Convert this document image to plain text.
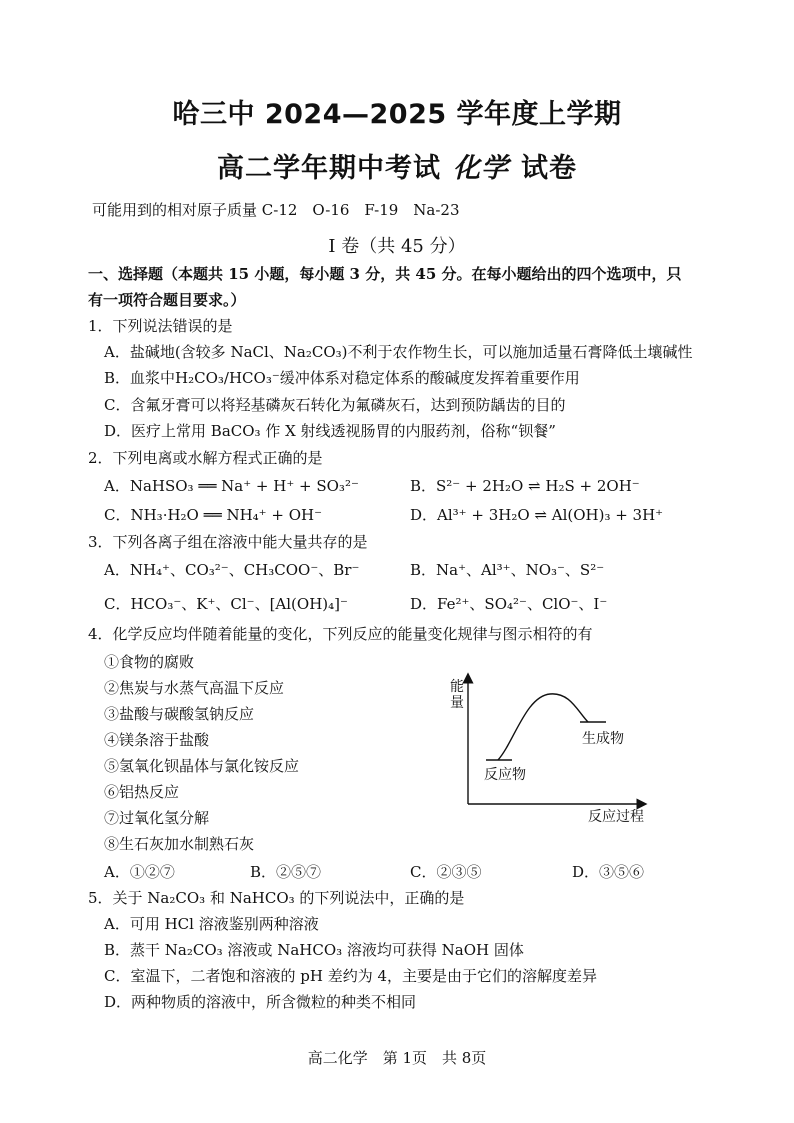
哈三中 2024—2025 学年度上学期
高二学年期中考试 化学 试卷
可能用到的相对原子质量 C-12　O-16　F-19　Na-23
Ⅰ 卷（共 45 分）
一、选择题（本题共 15 小题，每小题 3 分，共 45 分。在每小题给出的四个选项中，只
有一项符合题目要求。）
1．下列说法错误的是
A．盐碱地(含较多 NaCl、Na₂CO₃)不利于农作物生长，可以施加适量石膏降低土壤碱性
B．血浆中H₂CO₃/HCO₃⁻缓冲体系对稳定体系的酸碱度发挥着重要作用
C．含氟牙膏可以将羟基磷灰石转化为氟磷灰石，达到预防龋齿的目的
D．医疗上常用 BaCO₃ 作 X 射线透视肠胃的内服药剂，俗称“钡餐”
2．下列电离或水解方程式正确的是
A．NaHSO₃ ══ Na⁺ + H⁺ + SO₃²⁻	B．S²⁻ + 2H₂O ⇌ H₂S + 2OH⁻
C．NH₃·H₂O ══ NH₄⁺ + OH⁻	D．Al³⁺ + 3H₂O ⇌ Al(OH)₃ + 3H⁺
3．下列各离子组在溶液中能大量共存的是
A．NH₄⁺、CO₃²⁻、CH₃COO⁻、Br⁻	B．Na⁺、Al³⁺、NO₃⁻、S²⁻
C．HCO₃⁻、K⁺、Cl⁻、[Al(OH)₄]⁻	D．Fe²⁺、SO₄²⁻、ClO⁻、I⁻
4．化学反应均伴随着能量的变化，下列反应的能量变化规律与图示相符的有
①食物的腐败
②焦炭与水蒸气高温下反应
③盐酸与碳酸氢钠反应
④镁条溶于盐酸
⑤氢氧化钡晶体与氯化铵反应
⑥铝热反应
⑦过氧化氢分解
⑧生石灰加水制熟石灰
A．①②⑦	B．②⑤⑦	C．②③⑤	D．③⑤⑥
能
量
反应物
生成物
反应过程
5．关于 Na₂CO₃ 和 NaHCO₃ 的下列说法中，正确的是
A．可用 HCl 溶液鉴别两种溶液
B．蒸干 Na₂CO₃ 溶液或 NaHCO₃ 溶液均可获得 NaOH 固体
C．室温下，二者饱和溶液的 pH 差约为 4，主要是由于它们的溶解度差异
D．两种物质的溶液中，所含微粒的种类不相同
高二化学　第 1页　共 8页
